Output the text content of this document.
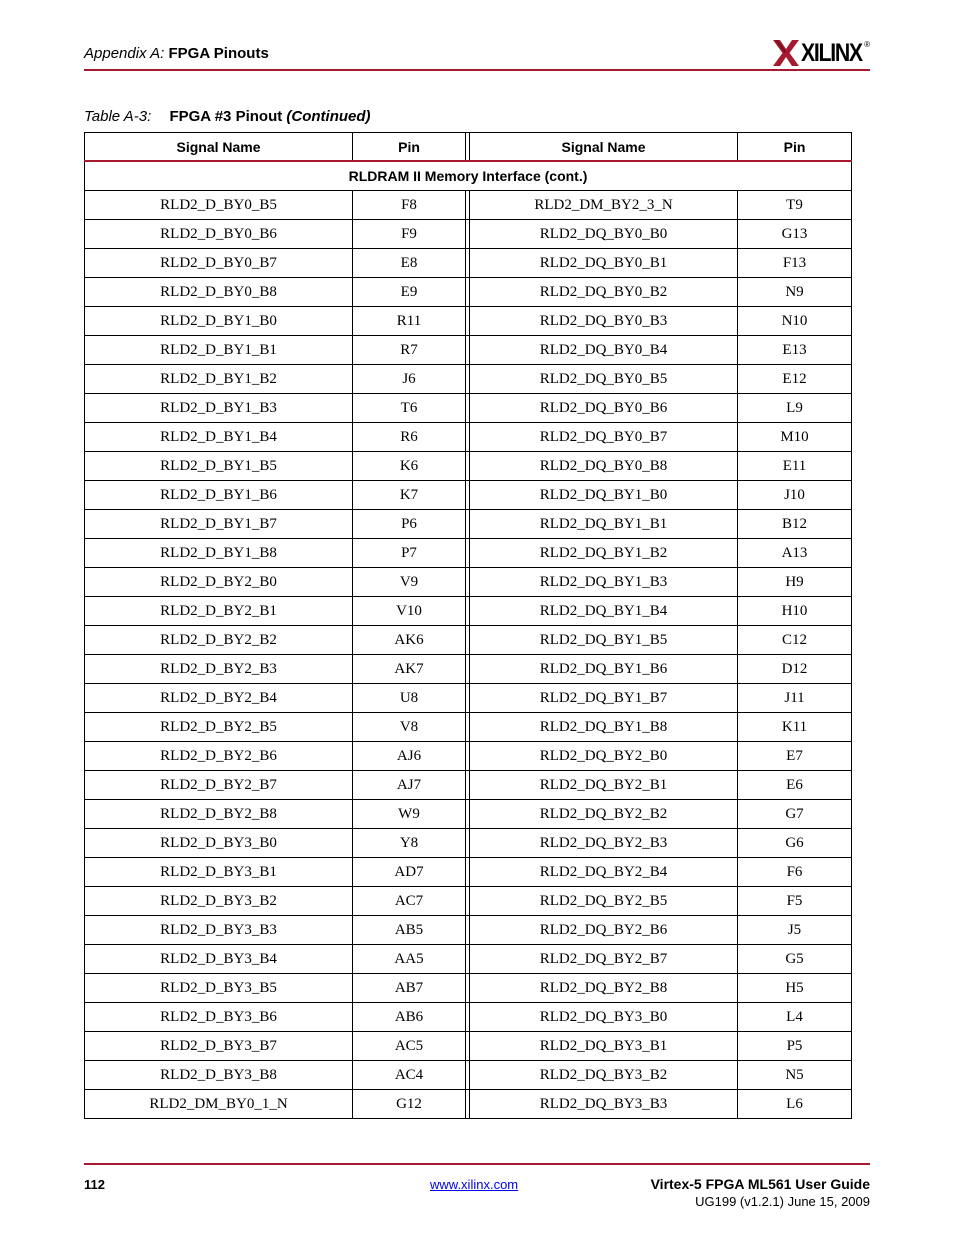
Appendix A: FPGA Pinouts	XILINX ®
Table A-3: FPGA #3 Pinout (Continued)
Signal Name	Pin		Signal Name	Pin
RLDRAM II Memory Interface (cont.)				
RLD2_D_BY0_B5	F8		RLD2_DM_BY2_3_N	T9
RLD2_D_BY0_B6	F9		RLD2_DQ_BY0_B0	G13
RLD2_D_BY0_B7	E8		RLD2_DQ_BY0_B1	F13
RLD2_D_BY0_B8	E9		RLD2_DQ_BY0_B2	N9
RLD2_D_BY1_B0	R11		RLD2_DQ_BY0_B3	N10
RLD2_D_BY1_B1	R7		RLD2_DQ_BY0_B4	E13
RLD2_D_BY1_B2	J6		RLD2_DQ_BY0_B5	E12
RLD2_D_BY1_B3	T6		RLD2_DQ_BY0_B6	L9
RLD2_D_BY1_B4	R6		RLD2_DQ_BY0_B7	M10
RLD2_D_BY1_B5	K6		RLD2_DQ_BY0_B8	E11
RLD2_D_BY1_B6	K7		RLD2_DQ_BY1_B0	J10
RLD2_D_BY1_B7	P6		RLD2_DQ_BY1_B1	B12
RLD2_D_BY1_B8	P7		RLD2_DQ_BY1_B2	A13
RLD2_D_BY2_B0	V9		RLD2_DQ_BY1_B3	H9
RLD2_D_BY2_B1	V10		RLD2_DQ_BY1_B4	H10
RLD2_D_BY2_B2	AK6		RLD2_DQ_BY1_B5	C12
RLD2_D_BY2_B3	AK7		RLD2_DQ_BY1_B6	D12
RLD2_D_BY2_B4	U8		RLD2_DQ_BY1_B7	J11
RLD2_D_BY2_B5	V8		RLD2_DQ_BY1_B8	K11
RLD2_D_BY2_B6	AJ6		RLD2_DQ_BY2_B0	E7
RLD2_D_BY2_B7	AJ7		RLD2_DQ_BY2_B1	E6
RLD2_D_BY2_B8	W9		RLD2_DQ_BY2_B2	G7
RLD2_D_BY3_B0	Y8		RLD2_DQ_BY2_B3	G6
RLD2_D_BY3_B1	AD7		RLD2_DQ_BY2_B4	F6
RLD2_D_BY3_B2	AC7		RLD2_DQ_BY2_B5	F5
RLD2_D_BY3_B3	AB5		RLD2_DQ_BY2_B6	J5
RLD2_D_BY3_B4	AA5		RLD2_DQ_BY2_B7	G5
RLD2_D_BY3_B5	AB7		RLD2_DQ_BY2_B8	H5
RLD2_D_BY3_B6	AB6		RLD2_DQ_BY3_B0	L4
RLD2_D_BY3_B7	AC5		RLD2_DQ_BY3_B1	P5
RLD2_D_BY3_B8	AC4		RLD2_DQ_BY3_B2	N5
RLD2_DM_BY0_1_N	G12		RLD2_DQ_BY3_B3	L6
112	www.xilinx.com	Virtex-5 FPGA ML561 User Guide
UG199 (v1.2.1) June 15, 2009
